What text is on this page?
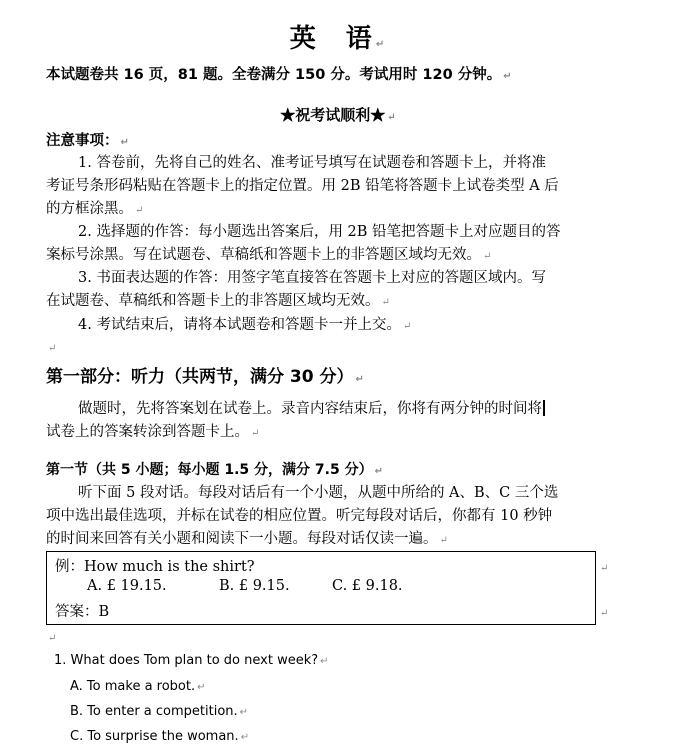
英 语 ↵
本试题卷共 16 页，81 题。全卷满分 150 分。考试用时 120 分钟。 ↵
★祝考试顺利★ ↵
注意事项： ↵
1. 答卷前，先将自己的姓名、准考证号填写在试题卷和答题卡上，并将准
考证号条形码粘贴在答题卡上的指定位置。用 2B 铅笔将答题卡上试卷类型 A 后
的方框涂黑。 ↵
2. 选择题的作答：每小题选出答案后，用 2B 铅笔把答题卡上对应题目的答
案标号涂黑。写在试题卷、草稿纸和答题卡上的非答题区域均无效。 ↵
3. 书面表达题的作答：用签字笔直接答在答题卡上对应的答题区域内。写
在试题卷、草稿纸和答题卡上的非答题区域均无效。 ↵
4. 考试结束后，请将本试题卷和答题卡一并上交。 ↵
↵
第一部分：听力（共两节，满分 30 分） ↵
做题时，先将答案划在试卷上。录音内容结束后，你将有两分钟的时间将
试卷上的答案转涂到答题卡上。 ↵
第一节（共 5 小题；每小题 1.5 分，满分 7.5 分） ↵
听下面 5 段对话。每段对话后有一个小题，从题中所给的 A、B、C 三个选
项中选出最佳选项，并标在试卷的相应位置。听完每段对话后，你都有 10 秒钟
的时间来回答有关小题和阅读下一小题。每段对话仅读一遍。 ↵
例：How much is the shirt?
A. £ 19.15.	B. £ 9.15.	C. £ 9.18.
答案：B
↵
↵
↵
1. What does Tom plan to do next week? ↵
A. To make a robot. ↵
B. To enter a competition. ↵
C. To surprise the woman. ↵
